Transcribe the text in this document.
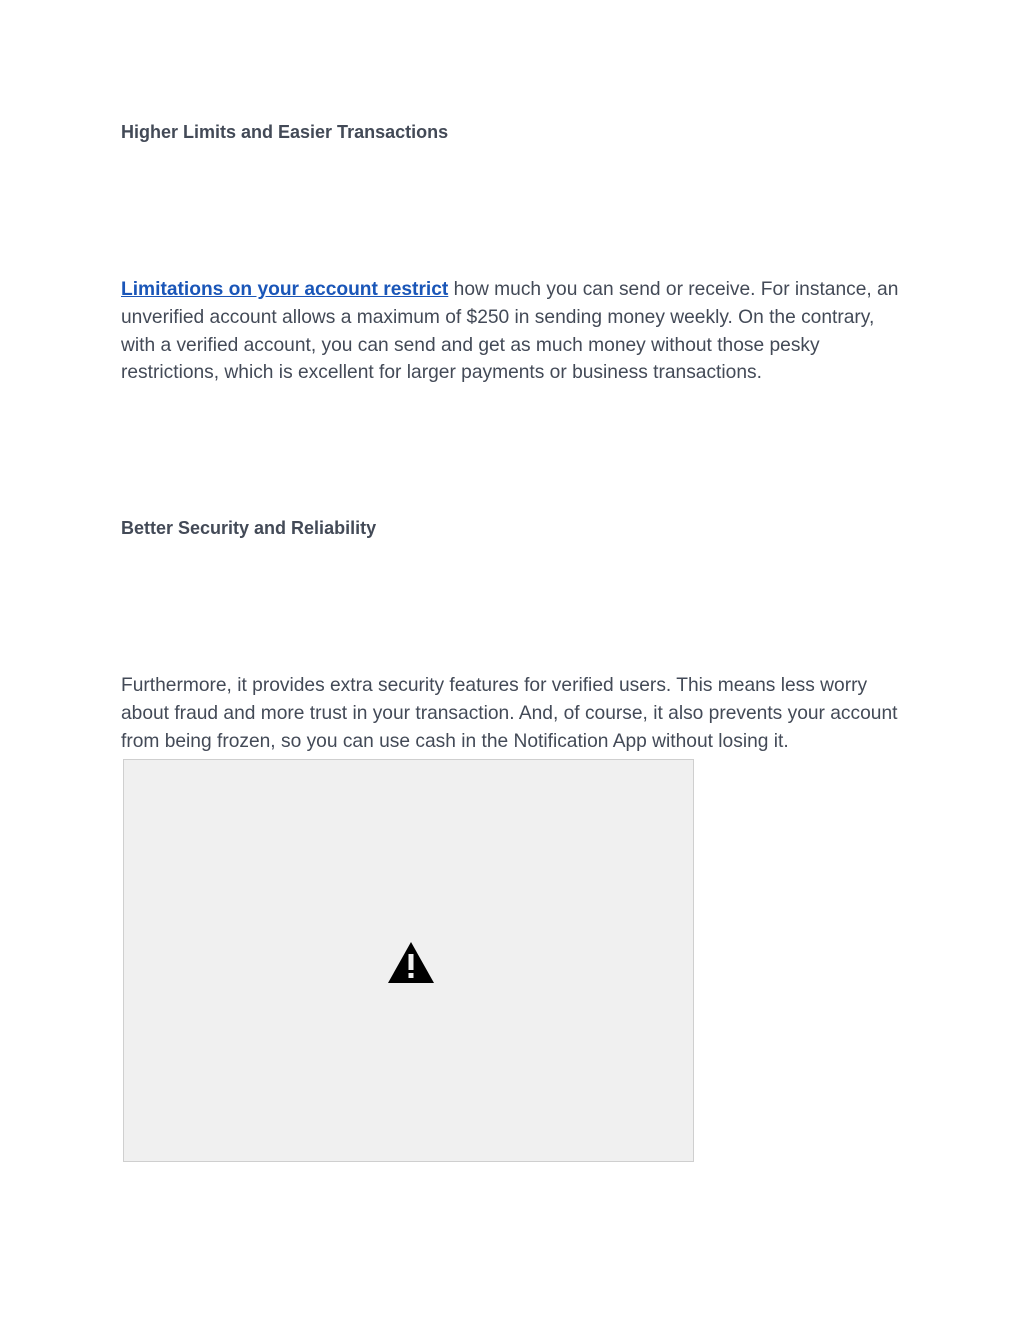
Higher Limits and Easier Transactions

Limitations on your account restrict how much you can send or receive. For instance, an unverified account allows a maximum of $250 in sending money weekly. On the contrary, with a verified account, you can send and get as much money without those pesky restrictions, which is excellent for larger payments or business transactions.

Better Security and Reliability

Furthermore, it provides extra security features for verified users. This means less worry about fraud and more trust in your transaction. And, of course, it also prevents your account from being frozen, so you can use cash in the Notification App without losing it.
